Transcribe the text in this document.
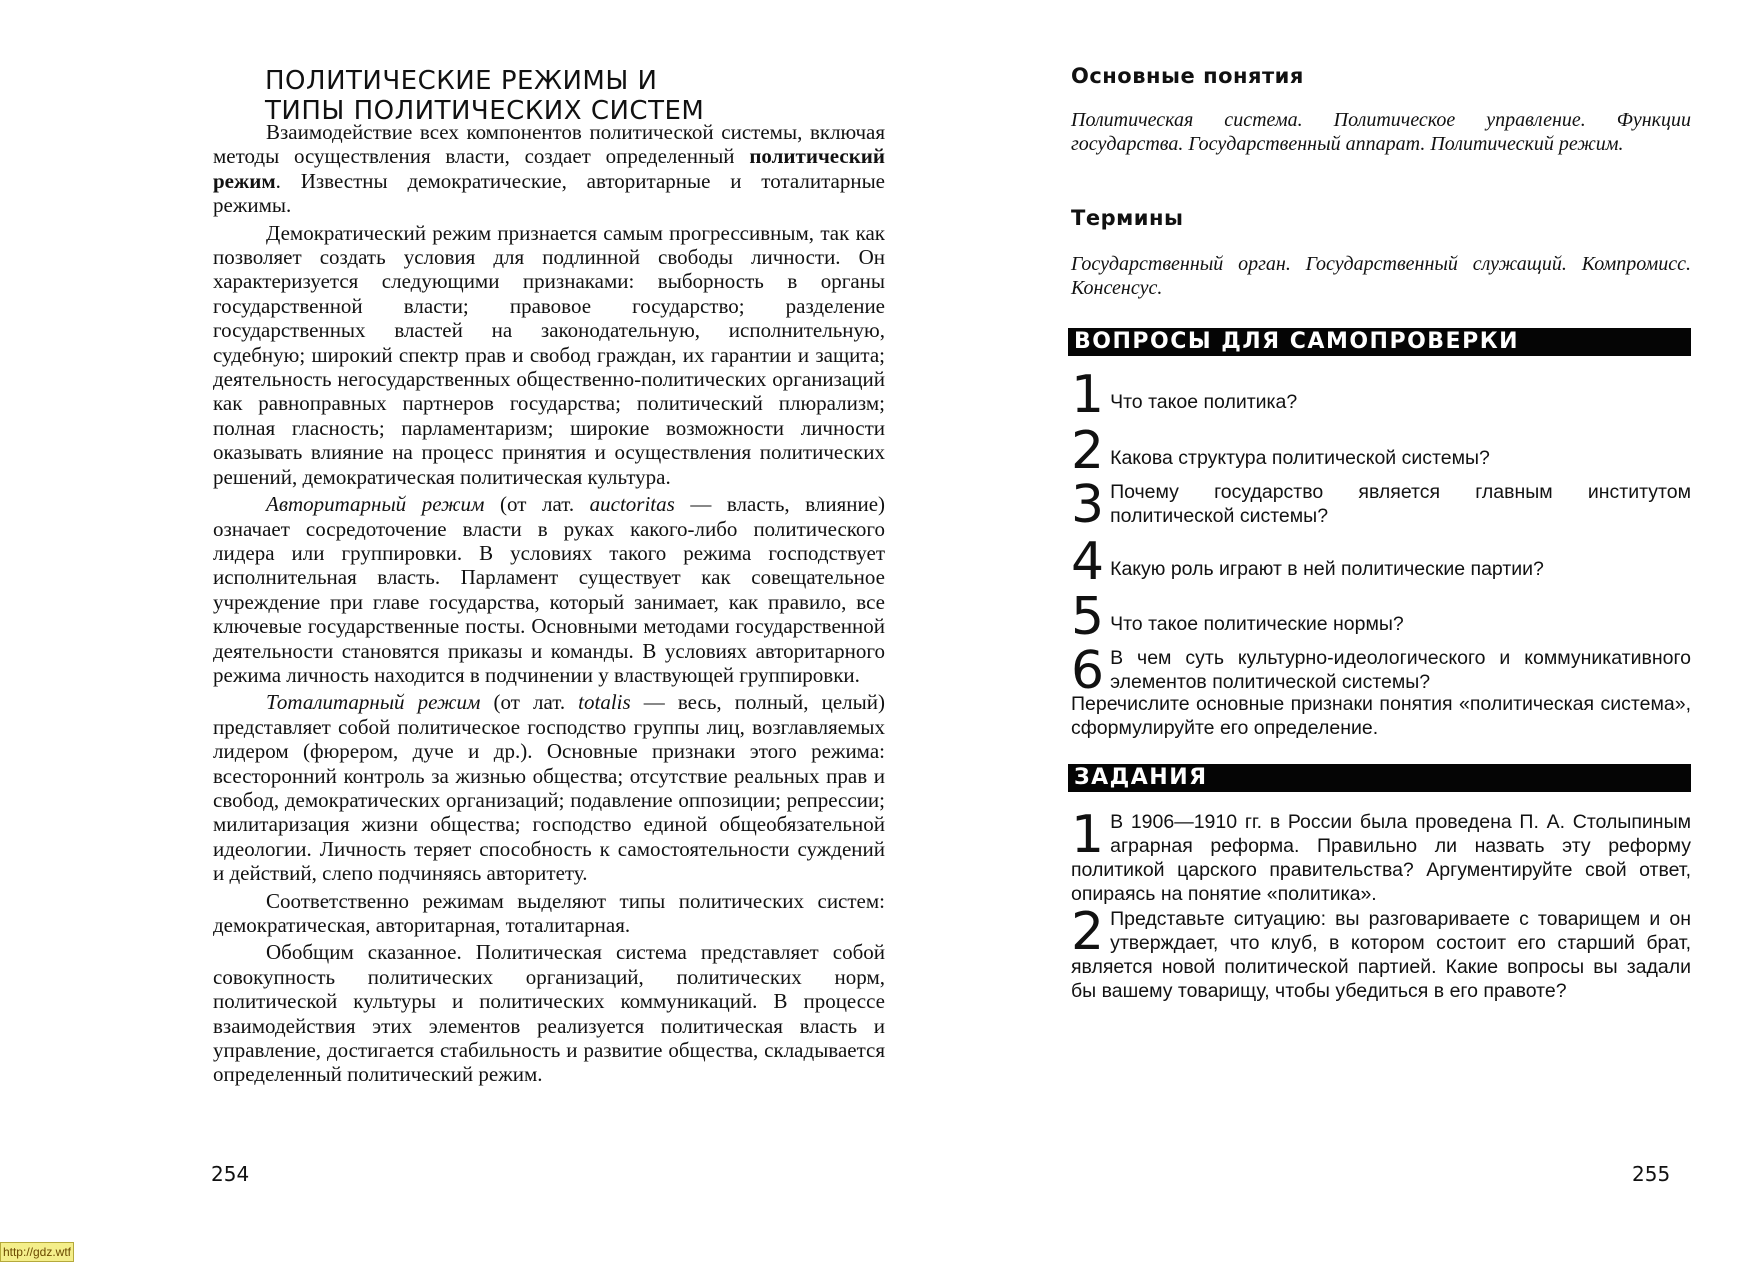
ПОЛИТИЧЕСКИЕ РЕЖИМЫ И
ТИПЫ ПОЛИТИЧЕСКИХ СИСТЕМ

Взаимодействие всех компонентов политической системы, включая методы осуществления власти, создает определенный политический режим. Известны демократические, авторитарные и тоталитарные режимы.

Демократический режим признается самым прогрессивным, так как позволяет создать условия для подлинной свободы личности. Он характеризуется следующими признаками: выборность в органы государственной власти; правовое государство; разделение государственных властей на законодательную, исполнительную, судебную; широкий спектр прав и свобод граждан, их гарантии и защита; деятельность негосударственных общественно-политических организаций как равноправных партнеров государства; политический плюрализм; полная гласность; парламентаризм; широкие возможности личности оказывать влияние на процесс принятия и осуществления политических решений, демократическая политическая культура.

Авторитарный режим (от лат. auctoritas — власть, влияние) означает сосредоточение власти в руках какого-либо политического лидера или группировки. В условиях такого режима господствует исполнительная власть. Парламент существует как совещательное учреждение при главе государства, который занимает, как правило, все ключевые государственные посты. Основными методами государственной деятельности становятся приказы и команды. В условиях авторитарного режима личность находится в подчинении у властвующей группировки.

Тоталитарный режим (от лат. totalis — весь, полный, целый) представляет собой политическое господство группы лиц, возглавляемых лидером (фюрером, дуче и др.). Основные признаки этого режима: всесторонний контроль за жизнью общества; отсутствие реальных прав и свобод, демократических организаций; подавление оппозиции; репрессии; милитаризация жизни общества; господство единой общеобязательной идеологии. Личность теряет способность к самостоятельности суждений и действий, слепо подчиняясь авторитету.

Соответственно режимам выделяют типы политических систем: демократическая, авторитарная, тоталитарная.

Обобщим сказанное. Политическая система представляет собой совокупность политических организаций, политических норм, политической культуры и политических коммуникаций. В процессе взаимодействия этих элементов реализуется политическая власть и управление, достигается стабильность и развитие общества, складывается определенный политический режим.

254
Основные понятия
Политическая система. Политическое управление. Функции государства. Государственный аппарат. Политический режим.
Термины
Государственный орган. Государственный служащий. Компромисс. Консенсус.
ВОПРОСЫ ДЛЯ САМОПРОВЕРКИ
1 Что такое политика?
2 Какова структура политической системы?
3 Почему государство является главным институтом политической системы?
4 Какую роль играют в ней политические партии?
5 Что такое политические нормы?
6 В чем суть культурно-идеологического и коммуникативного элементов политической системы?
Перечислите основные признаки понятия «политическая система», сформулируйте его определение.
ЗАДАНИЯ
1 В 1906—1910 гг. в России была проведена П. А. Столыпиным аграрная реформа. Правильно ли назвать эту реформу политикой царского правительства? Аргументируйте свой ответ, опираясь на понятие «политика».
2 Представьте ситуацию: вы разговариваете с товарищем и он утверждает, что клуб, в котором состоит его старший брат, является новой политической партией. Какие вопросы вы задали бы вашему товарищу, чтобы убедиться в его правоте?
255
http://gdz.wtf
